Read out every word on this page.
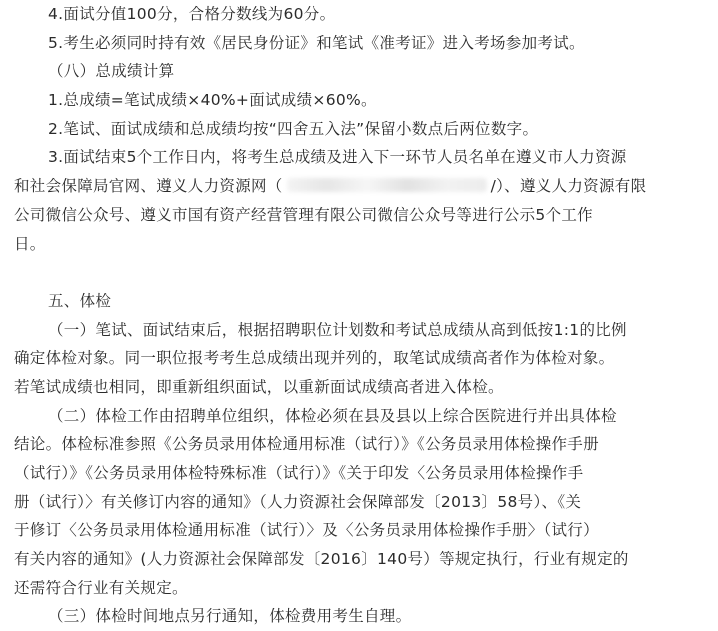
4.面试分值100分，合格分数线为60分。
5.考生必须同时持有效《居民身份证》和笔试《准考证》进入考场参加考试。
（八）总成绩计算
1.总成绩=笔试成绩×40%+面试成绩×60%。
2.笔试、面试成绩和总成绩均按“四舍五入法”保留小数点后两位数字。
3.面试结束5个工作日内，将考生总成绩及进入下一环节人员名单在遵义市人力资源
和社会保障局官网、遵义人力资源网（	/）、遵义人力资源有限
公司微信公众号、遵义市国有资产经营管理有限公司微信公众号等进行公示5个工作
日。
五、体检
（一）笔试、面试结束后，根据招聘职位计划数和考试总成绩从高到低按1:1的比例
确定体检对象。同一职位报考考生总成绩出现并列的，取笔试成绩高者作为体检对象。
若笔试成绩也相同，即重新组织面试，以重新面试成绩高者进入体检。
（二）体检工作由招聘单位组织，体检必须在县及县以上综合医院进行并出具体检
结论。体检标准参照《公务员录用体检通用标准（试行）》《公务员录用体检操作手册
（试行）》《公务员录用体检特殊标准（试行）》《关于印发〈公务员录用体检操作手
册（试行）〉有关修订内容的通知》（人力资源社会保障部发〔2013〕58号）、《关
于修订〈公务员录用体检通用标准（试行）〉及〈公务员录用体检操作手册〉（试行）
有关内容的通知》(人力资源社会保障部发〔2016〕140号）等规定执行，行业有规定的
还需符合行业有关规定。
（三）体检时间地点另行通知，体检费用考生自理。
